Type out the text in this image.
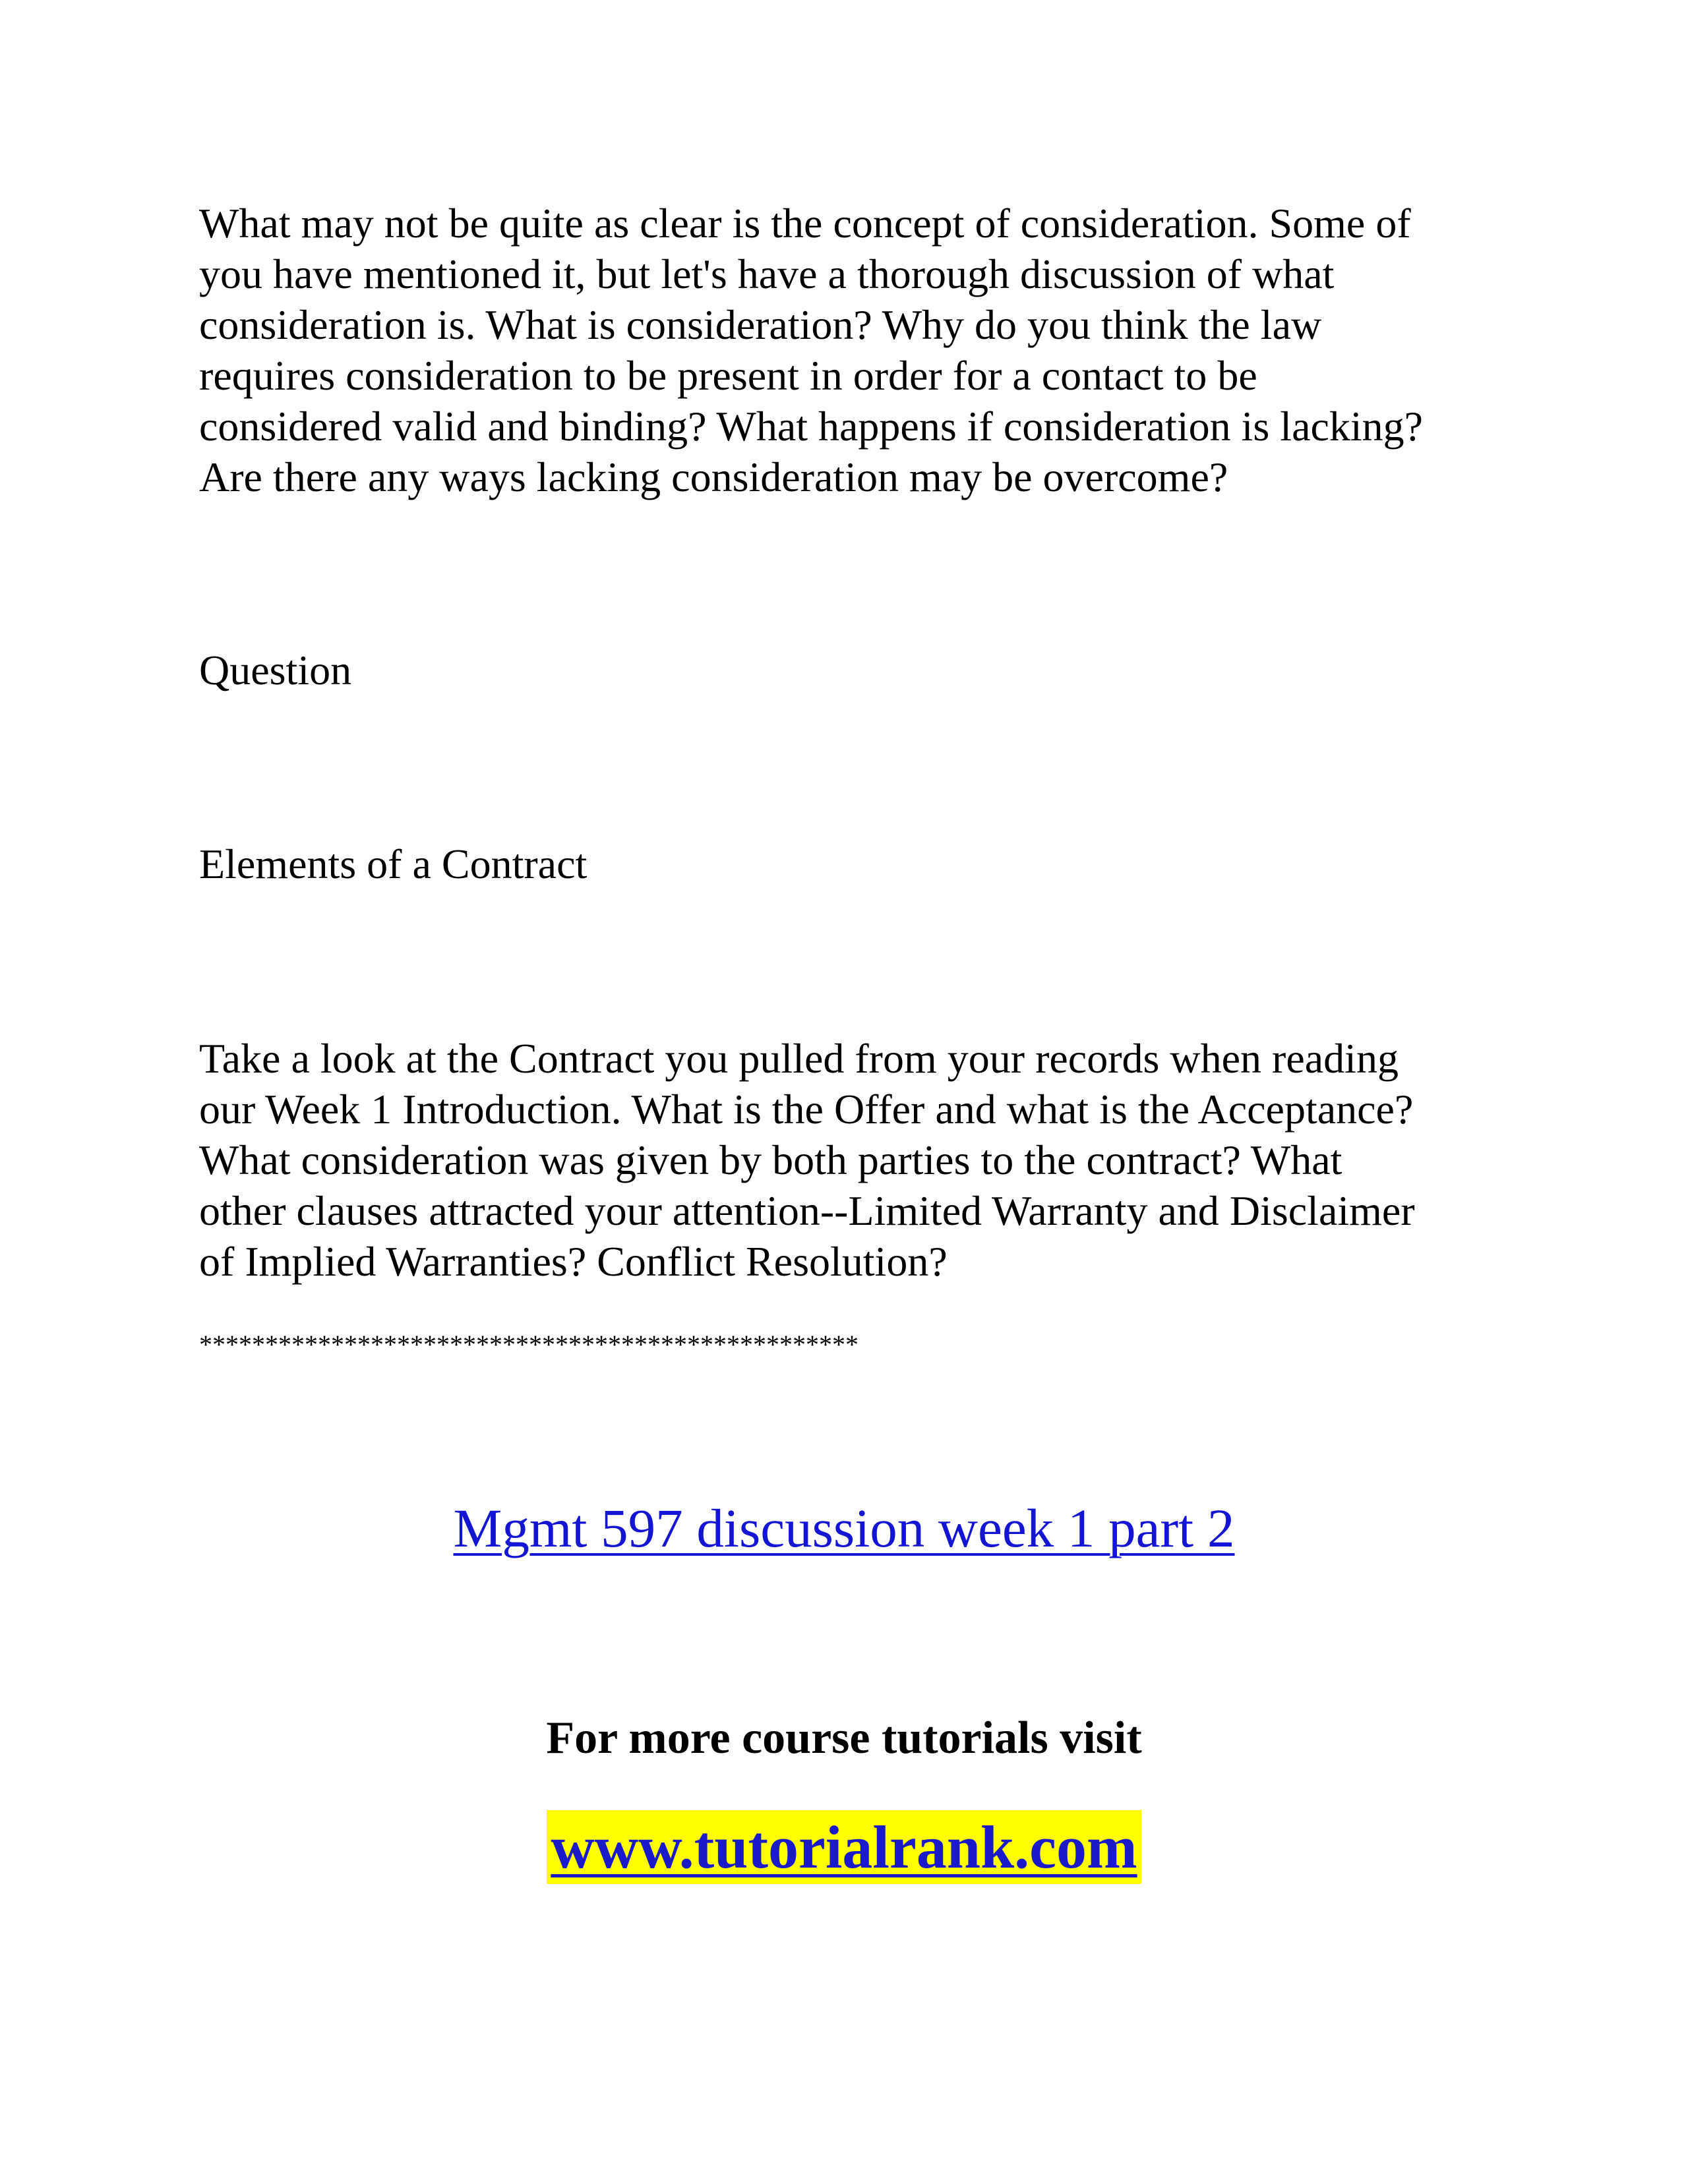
What may not be quite as clear is the concept of consideration. Some of
you have mentioned it, but let's have a thorough discussion of what
consideration is. What is consideration? Why do you think the law
requires consideration to be present in order for a contact to be
considered valid and binding? What happens if consideration is lacking?
Are there any ways lacking consideration may be overcome?

Question

Elements of a Contract

Take a look at the Contract you pulled from your records when reading
our Week 1 Introduction. What is the Offer and what is the Acceptance?
What consideration was given by both parties to the contract? What
other clauses attracted your attention--Limited Warranty and Disclaimer
of Implied Warranties? Conflict Resolution?

**************************************************

Mgmt 597 discussion week 1 part 2

For more course tutorials visit

www.tutorialrank.com
